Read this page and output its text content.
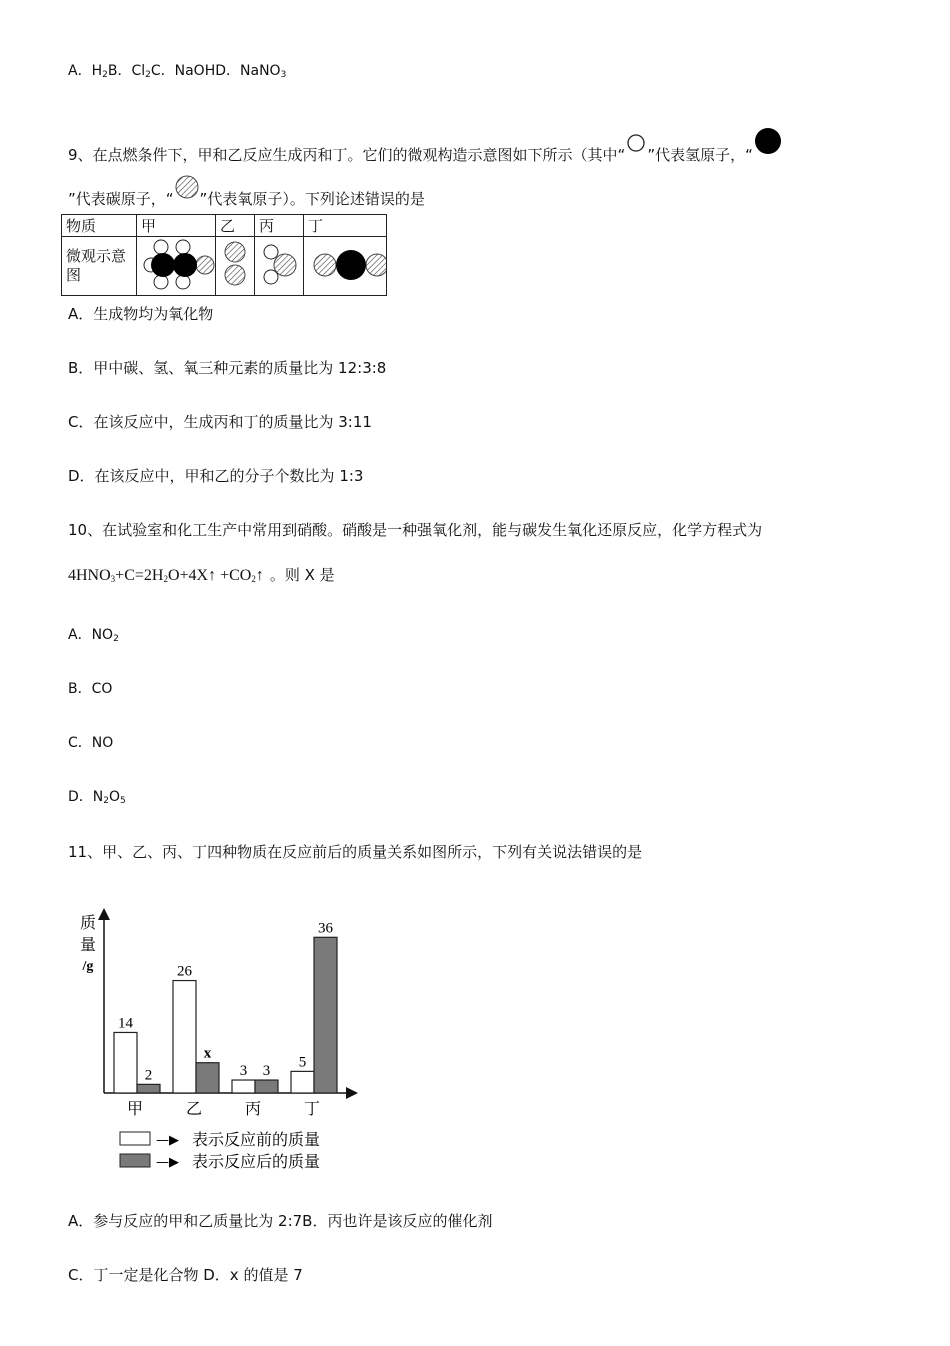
A．$H_2B$．$Cl_2C$．NaOHD．NaNO$_3$
9、在点燃条件下，甲和乙反应生成丙和丁。它们的微观构造示意图如下所示（其中“ ”代表氢原子，“
”代表碳原子，“ ”代表氧原子）。下列论述错误的是
物质	甲	乙	丙	丁
微观示意图				
A．生成物均为氧化物
B．甲中碳、氢、氧三种元素的质量比为 12:3:8
C．在该反应中，生成丙和丁的质量比为 3:11
D．在该反应中，甲和乙的分子个数比为 1:3
10、在试验室和化工生产中常用到硝酸。硝酸是一种强氧化剂，能与碳发生氧化还原反应，化学方程式为
$4HNO_3+C=2H_2O+4X↑$ $+CO_2↑$ 。则 X 是
A．$NO_2$
B．CO
C．NO
D．$N_2O_5$
11、甲、乙、丙、丁四种物质在反应前后的质量关系如图所示，下列有关说法错误的是
质
量
/g
14
2
甲
26
x
乙
3 3
丙
5
36
丁
—▶ 表示反应前的质量
—▶ 表示反应后的质量
A．参与反应的甲和乙质量比为 2:7B．丙也许是该反应的催化剂
C．丁一定是化合物 D．x 的值是 7
